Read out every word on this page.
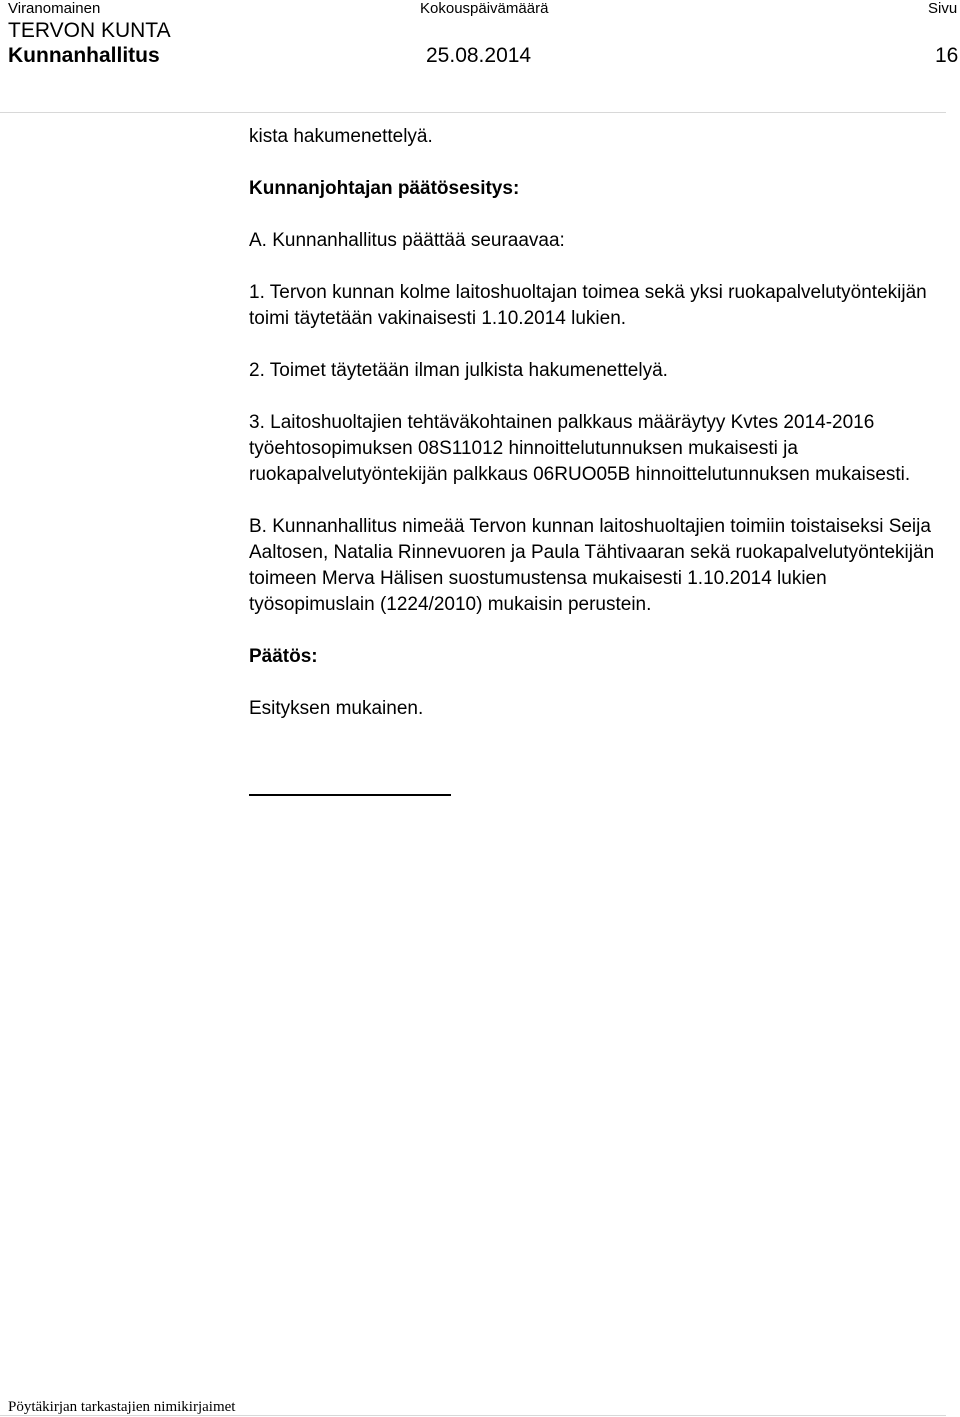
Viranomainen	Kokouspäivämäärä	Sivu
TERVON KUNTA
Kunnanhallitus	25.08.2014	16

kista hakumenettelyä.

Kunnanjohtajan päätösesitys:

A. Kunnanhallitus päättää seuraavaa:

1. Tervon kunnan kolme laitoshuoltajan toimea sekä yksi ruokapalvelutyöntekijän toimi täytetään vakinaisesti 1.10.2014 lukien.

2. Toimet täytetään ilman julkista hakumenettelyä.

3. Laitoshuoltajien tehtäväkohtainen palkkaus määräytyy Kvtes 2014-2016 työehtosopimuksen 08S11012 hinnoittelutunnuksen mukaisesti ja ruokapalvelutyöntekijän palkkaus 06RUO05B hinnoittelutunnuksen mukaisesti.

B. Kunnanhallitus nimeää Tervon kunnan laitoshuoltajien toimiin toistaiseksi Seija Aaltosen, Natalia Rinnevuoren ja Paula Tähtivaaran sekä ruokapalvelutyöntekijän toimeen Merva Hälisen suostumustensa mukaisesti 1.10.2014 lukien työsopimuslain (1224/2010) mukaisin perustein.

Päätös:

Esityksen mukainen.

Pöytäkirjan tarkastajien nimikirjaimet
